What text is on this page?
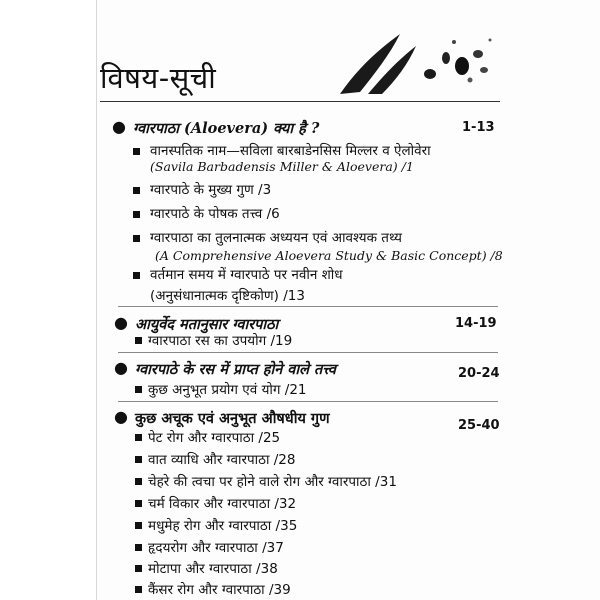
विषय-सूची
● ग्वारपाठा (Aloevera) क्या है ?	1-13
वानस्पतिक नाम—सविला बारबाडेनसिस मिल्लर व ऐलोवेरा
(Savila Barbadensis Miller & Aloevera) /1
ग्वारपाठे के मुख्य गुण /3
ग्वारपाठे के पोषक तत्त्व /6
ग्वारपाठा का तुलनात्मक अध्ययन एवं आवश्यक तथ्य
(A Comprehensive Aloevera Study & Basic Concept) /8
वर्तमान समय में ग्वारपाठे पर नवीन शोध
(अनुसंधानात्मक दृष्टिकोण) /13
● आयुर्वेद मतानुसार ग्वारपाठा	14-19
ग्वारपाठा रस का उपयोग /19
● ग्वारपाठे के रस में प्राप्त होने वाले तत्त्व	20-24
कुछ अनुभूत प्रयोग एवं योग /21
● कुछ अचूक एवं अनुभूत औषधीय गुण	25-40
पेट रोग और ग्वारपाठा /25
वात व्याधि और ग्वारपाठा /28
चेहरे की त्वचा पर होने वाले रोग और ग्वारपाठा /31
चर्म विकार और ग्वारपाठा /32
मधुमेह रोग और ग्वारपाठा /35
हृदयरोग और ग्वारपाठा /37
मोटापा और ग्वारपाठा /38
कैंसर रोग और ग्वारपाठा /39
